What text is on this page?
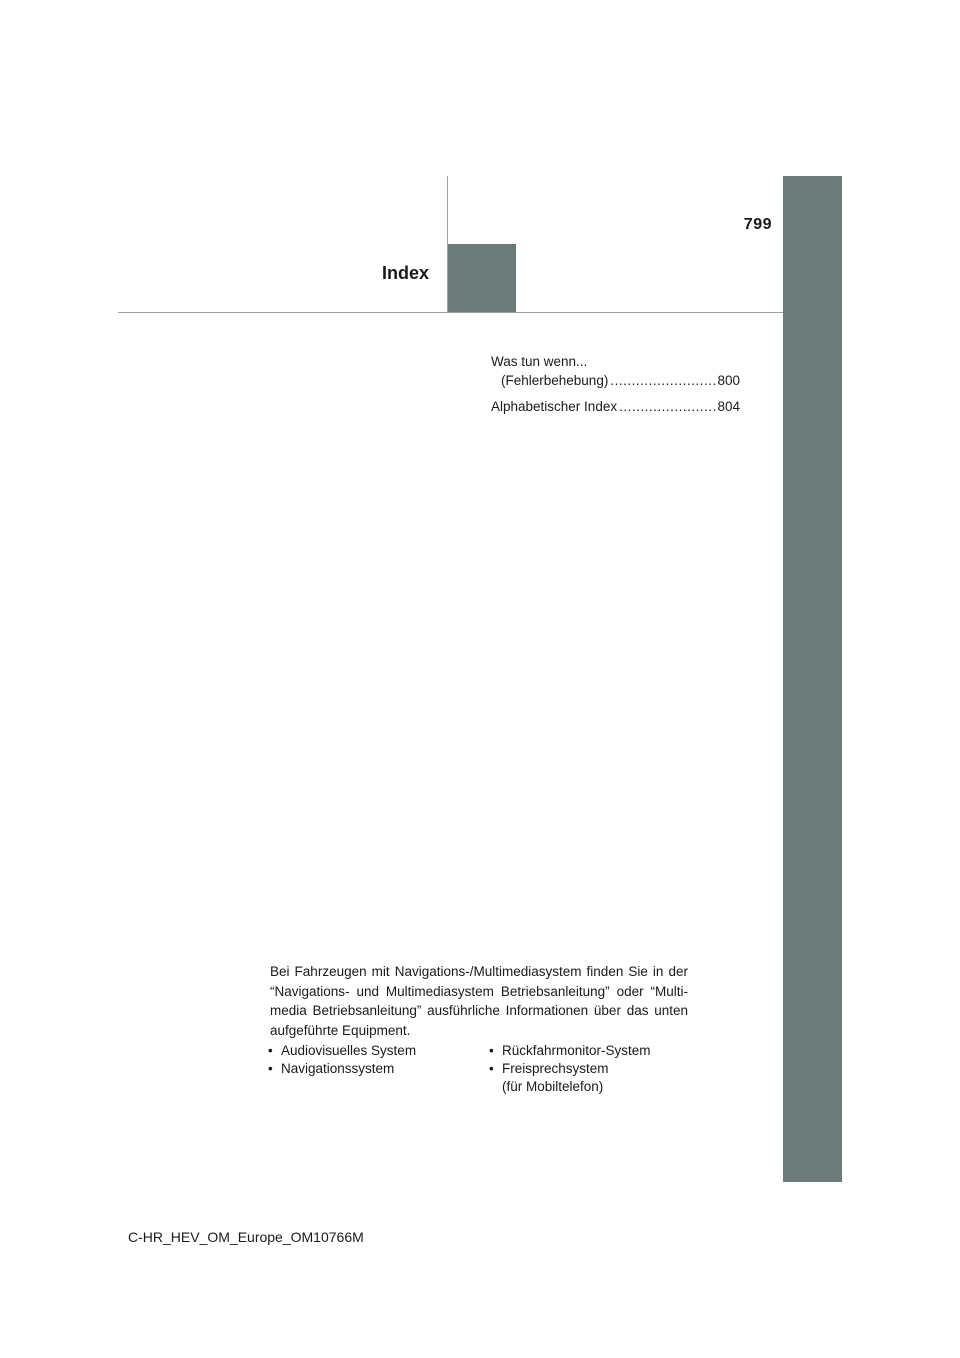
799
Index
Was tun wenn...
(Fehlerbehebung) .....	800
Alphabetischer Index .....	804
Bei Fahrzeugen mit Navigations-/Multimediasystem finden Sie in der “Navigations- und Multimediasystem Betriebsanleitung” oder “Multimedia Betriebsanleitung” ausführliche Informationen über das unten aufgeführte Equipment.
• Audiovisuelles System
• Navigationssystem
• Rückfahrmonitor-System
• Freisprechsystem
(für Mobiltelefon)
C-HR_HEV_OM_Europe_OM10766M
